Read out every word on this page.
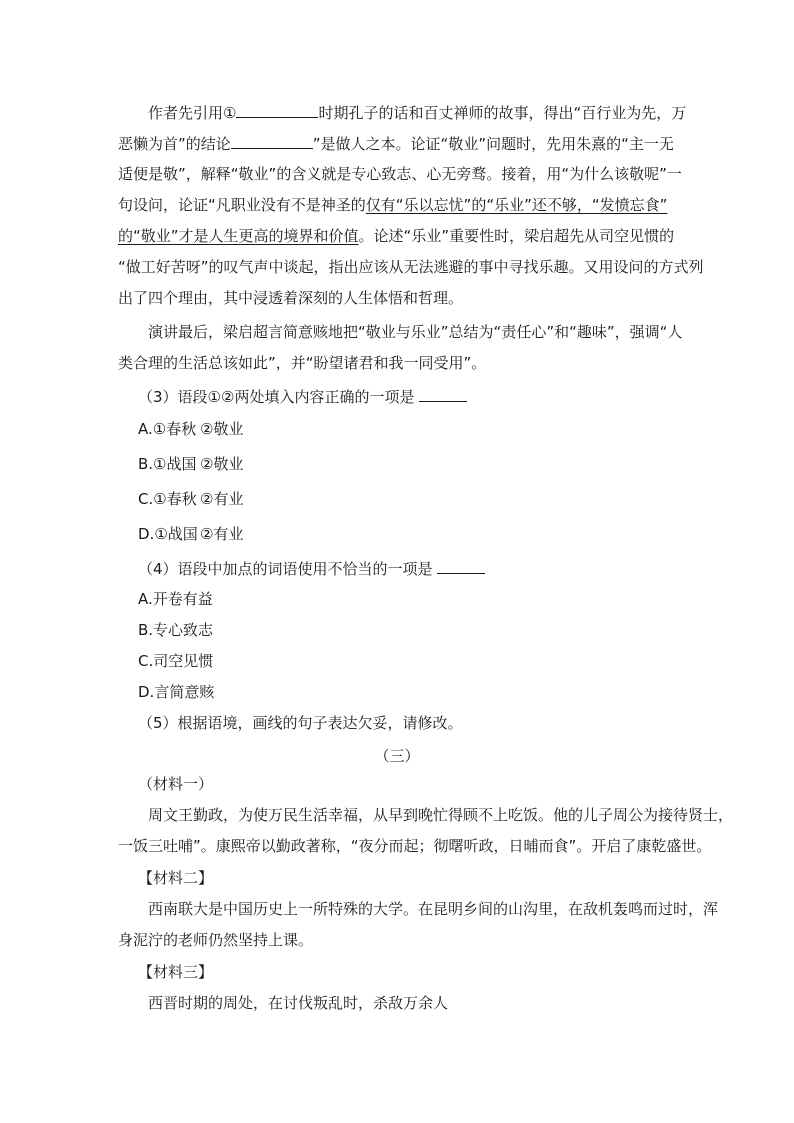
作者先引用①	时期孔子的话和百丈禅师的故事，得出“百行业为先，万
恶懒为首”的结论	”是做人之本。论证“敬业”问题时，先用朱熹的“主一无
适便是敬”，解释“敬业”的含义就是专心致志、心无旁骛。接着，用“为什么该敬呢”一
句设问，论证“凡职业没有不是神圣的仅有“乐以忘忧”的“乐业”还不够，“发愤忘食”
的“敬业”才是人生更高的境界和价值。论述“乐业”重要性时，梁启超先从司空见惯的
“做工好苦呀”的叹气声中谈起，指出应该从无法逃避的事中寻找乐趣。又用设问的方式列
出了四个理由，其中浸透着深刻的人生体悟和哲理。
演讲最后，梁启超言简意赅地把“敬业与乐业”总结为“责任心”和“趣味”，强调“人
类合理的生活总该如此”，并“盼望诸君和我一同受用”。
（3）语段①②两处填入内容正确的一项是
A.①春秋 ②敬业
B.①战国 ②敬业
C.①春秋 ②有业
D.①战国 ②有业
（4）语段中加点的词语使用不恰当的一项是
A.开卷有益
B.专心致志
C.司空见惯
D.言简意赅
（5）根据语境，画线的句子表达欠妥，请修改。
（三）
（材料一）
周文王勤政，为使万民生活幸福，从早到晚忙得顾不上吃饭。他的儿子周公为接待贤士，
一饭三吐哺”。康熙帝以勤政著称，“夜分而起；彻曙听政，日晡而食”。开启了康乾盛世。
【材料二】
西南联大是中国历史上一所特殊的大学。在昆明乡间的山沟里，在敌机轰鸣而过时，浑
身泥泞的老师仍然坚持上课。
【材料三】
西晋时期的周处，在讨伐叛乱时，杀敌万余人
